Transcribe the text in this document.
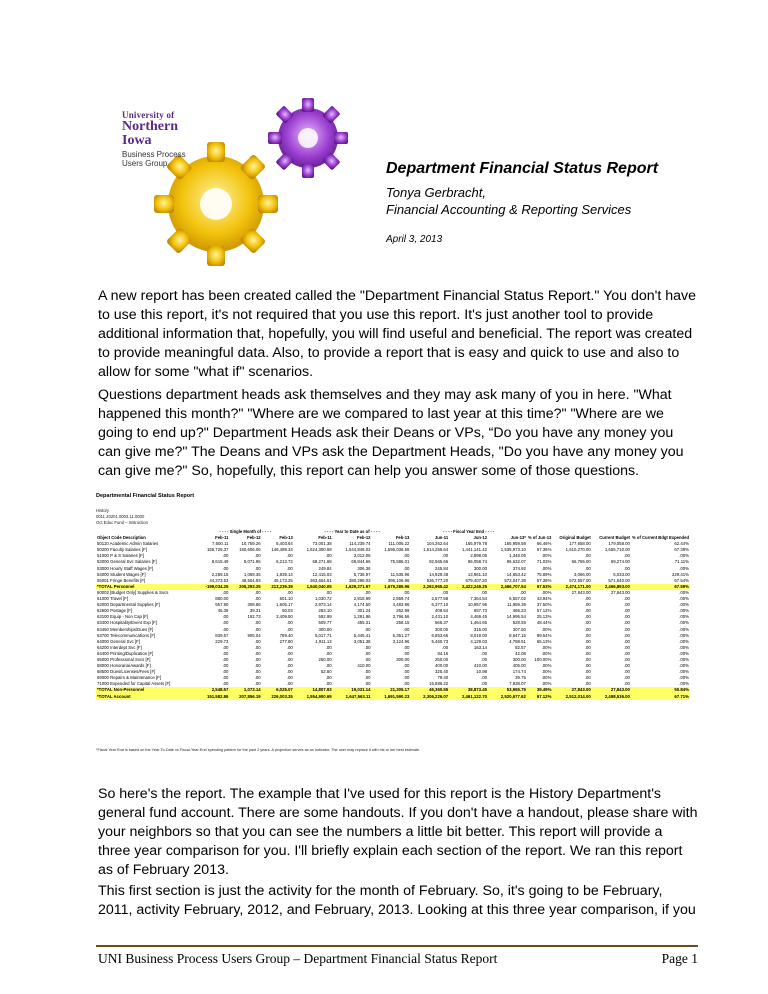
University of
Northern Iowa
Business Process Users Group	Department Financial Status Report
Tonya Gerbracht,
Financial Accounting & Reporting Services
April 3, 2013

A new report has been created called the "Department Financial Status Report." You don't have to use this report, it's not required that you use this report. It's just another tool to provide additional information that, hopefully, you will find useful and beneficial. The report was created to provide meaningful data. Also, to provide a report that is easy and quick to use and also to allow for some "what if" scenarios.

Questions department heads ask themselves and they may ask many of you in here. "What happened this month?" "Where are we compared to last year at this time?" "Where are we going to end up?" Department Heads ask their Deans or VPs, “Do you have any money you can give me?" The Deans and VPs ask the Department Heads, "Do you have any money you can give me?" So, hopefully, this report can help you answer some of those questions.

Departmental Financial Status Report
History
0011.20201.0003.11.0000
Oct Educ Fund – Instruction
	- - - - Single Month of - - - -			- - - - Year to Date as of - - - -			- - - - Fiscal Year End - - - -						
Object Code Description	Feb-11	Feb-12	Feb-13	Feb-11	Feb-12	Feb-13	Jun-11	Jun-12	Jun-13*	% of Jun-13	Original Budget	Current Budget	% of Current Bdgt Expended
50110 Academic Admin Salaries	7,600.11	10,759.26	6,403.64	73,001.38	114,239.74	111,006.22	104,262.64	165,979.78	165,959.59	66.46%	177,658.00	179,058.00	62.44%
50200 Faculty Salaries [F]	155,725.37	150,606.06	146,489.34	1,624,300.69	1,544,846.02	1,596,036.56	1,514,255.64	1,441,141.42	1,535,973.10	67.36%	1,610,270.00	1,655,710.00	67.39%
51000 P & S Salaries [F]	.00	.00	.00	.00	3,012.06	.00	.00	2,898.05	1,348.05	.00%	.00	.00	.00%
52000 General Svc Salaries [F]	8,615.49	5,071.96	6,213.72	68,271.68	69,844.66	75,586.01	92,565.66	96,058.74	96,632.07	71.03%	66,765.00	69,274.00	71.11%
53000 Hourly Staff Wages [F]	.00	.00	.00	249.84	306.36	.00	245.84	300.00	374.92	.00%	.00	.00	.00%
54000 Student Wages [F]	2,259.15	1,069.35	1,839.14	12,415.03	5,736.97	11,535.96	14,929.48	13,961.10	14,653.42	75.89%	3,066.00	5,033.00	229.41%
55001 Fringe Benefits [F]	44,373.53	48,504.93	45,173.25	363,654.61	380,298.03	396,106.96	536,777.20	579,407.20	573,047.38	67.38%	572,557.00	571,640.00	67.54%
*TOTAL Personnel	-199,034.25	205,293.25	213,239.39	1,540,040.05	1,629,271.97	1,679,285.96	2,262,965.42	2,422,249.25	2,466,707.54	67.53%	2,474,171.00	2,466,893.00	67.59%
60002 [Budget Only] Supplies & Svcs	.00	.00	.00	.00	.00	.00	.00	.00	.00	.00%	27,843.00	27,843.00	.00%
61000 Travel [F]	880.00	.00	601.10	1,030.72	2,818.99	2,859.74	2,577.58	7,364.54	6,557.02	43.94%	.00	.00	.00%
62000 Departmental Supplies [F]	557.90	308.86	1,605.17	2,973.14	4,174.50	4,483.96	6,377.10	10,957.95	11,959.39	37.50%	.00	.00	.00%
62600 Postage [F]	45.39	39.31	50.03	283.10	301.24	262.99	408.54	657.73	465.23	57.12%	.00	.00	.00%
63100 Equip - Non Cap [F]	.00	192.73	3,409.50	592.99	1,291.96	3,796.56	2,431.10	4,469.45	14,995.54	25.13%	.00	.00	.00%
63400 Hospitality/Event Exp [F]	.00	.00	.00	609.77	455.31	256.15	566.37	1,464.65	528.59	48.44%	.00	.00	.00%
63450 Memberships/Dues [F]	.00	.00	.00	300.00	.00	.00	300.00	315.00	307.50	.00%	.00	.00	.00%
63700 Telecommunications [F]	839.57	905.04	789.40	5,017.71	5,445.41	6,351.27	6,853.66	8,019.00	8,647.15	99.54%	.00	.00	.00%
64000 General Svc [F]	229.73	.00	277.80	1,911.13	3,051.38	3,124.96	5,460.73	4,129.03	4,798.51	65.13%	.00	.00	.00%
64200 Interdept Svc [F]	.00	.00	.00	.00	.00	.00	.00	163.14	82.57	.00%	.00	.00	.00%
64400 Printing/Duplication [F]	.00	.00	.00	.00	.00	.00	84.16	.00	42.08	.00%	.00	.00	.00%
65000 Professional Svcs [F]	.00	.00	.00	250.00	.00	300.00	250.00	.00	300.00	100.00%	.00	.00	.00%
68000 Honoraria/Awards [F]	.00	.00	.00	.00	410.00	.00	400.00	410.00	405.00	.00%	.00	.00	.00%
68500 Dues/Licenses/Fees [F]	.00	.00	.00	52.50	.00	.00	325.40	10.98	174.74	.00%	.00	.00	.00%
69000 Repairs & Maintenance [F]	.00	.00	.00	.00	.00	.00	79.40	.00	39.75	.00%	.00	.00	.00%
71000 Expended for Capital Assets [F]	.00	.00	.00	.00	.00	.00	15,886.22	.00	7,938.07	.00%	.00	.00	.00%
*TOTAL Non-Personnel	2,548.57	1,073.14	6,025.07	14,807.93	19,031.14	21,305.17	46,360.55	38,873.45	53,965.75	39.49%	27,843.00	27,843.00	50.84%
*TOTAL Account	151,582.86	207,856.19	226,003.35	1,554,900.69	1,647,563.11	1,691,590.23	2,306,226.07	2,461,122.70	2,520,677.62	67.12%	2,512,014.00	2,498,536.00	67.71%
*Fiscal Year End is based on the Year-To-Date vs Fiscal-Year-End spending pattern for the past 2 years. A projection serves as an indicator. The user may replace it with his or her best estimate.

So here's the report. The example that I've used for this report is the History Department's general fund account. There are some handouts. If you don't have a handout, please share with your neighbors so that you can see the numbers a little bit better. This report will provide a three year comparison for you. I'll briefly explain each section of the report. We ran this report as of February 2013.

This first section is just the activity for the month of February. So, it's going to be February, 2011, activity February, 2012, and February, 2013. Looking at this three year comparison, if you

UNI Business Process Users Group – Department Financial Status Report	Page 1
